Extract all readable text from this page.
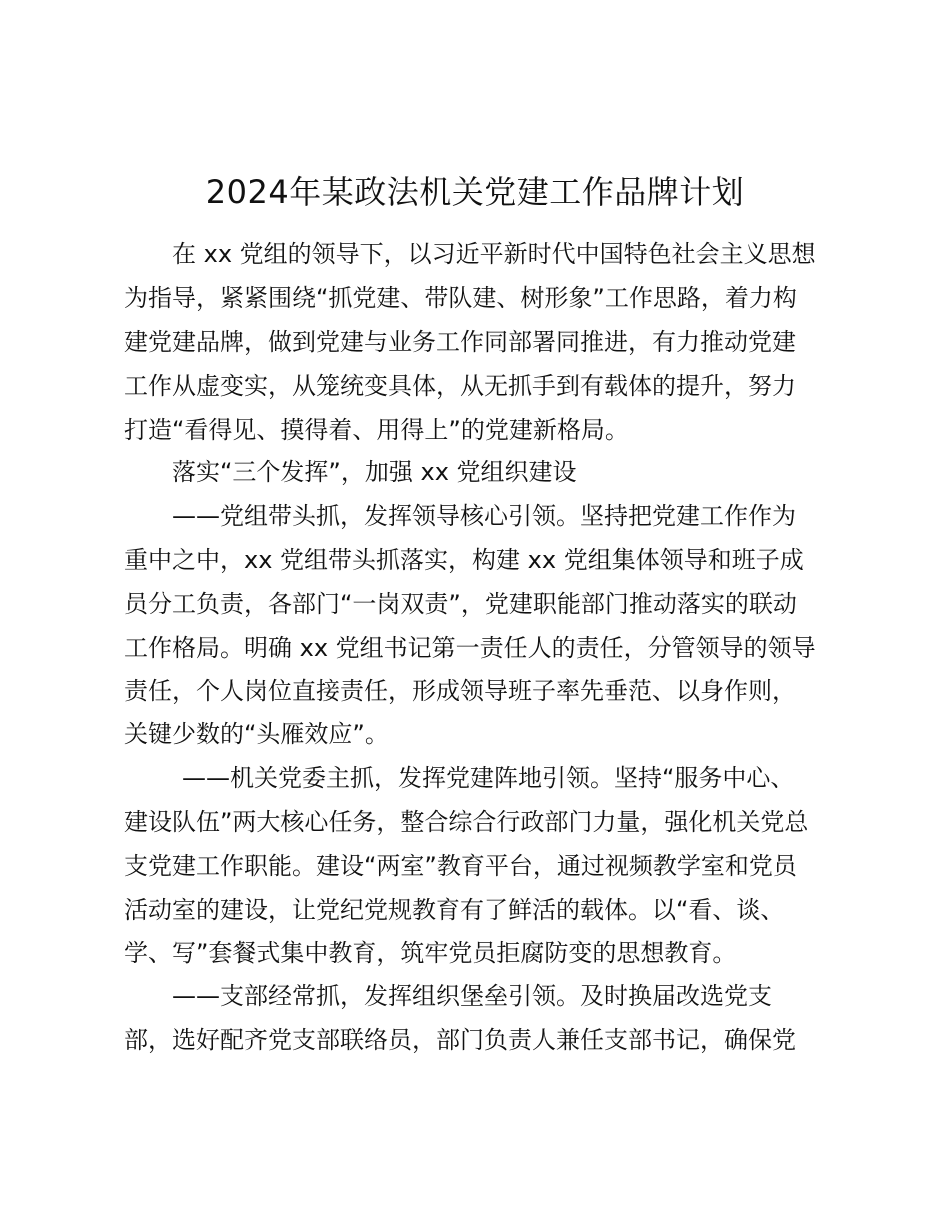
2024年某政法机关党建工作品牌计划
在 xx 党组的领导下，以习近平新时代中国特色社会主义思想
为指导，紧紧围绕“抓党建、带队建、树形象”工作思路，着力构
建党建品牌，做到党建与业务工作同部署同推进，有力推动党建
工作从虚变实，从笼统变具体，从无抓手到有载体的提升，努力
打造“看得见、摸得着、用得上”的党建新格局。
落实“三个发挥”，加强 xx 党组织建设
——党组带头抓，发挥领导核心引领。坚持把党建工作作为
重中之中，xx 党组带头抓落实，构建 xx 党组集体领导和班子成
员分工负责，各部门“一岗双责”，党建职能部门推动落实的联动
工作格局。明确 xx 党组书记第一责任人的责任，分管领导的领导
责任，个人岗位直接责任，形成领导班子率先垂范、以身作则，
关键少数的“头雁效应”。
——机关党委主抓，发挥党建阵地引领。坚持“服务中心、
建设队伍”两大核心任务，整合综合行政部门力量，强化机关党总
支党建工作职能。建设“两室”教育平台，通过视频教学室和党员
活动室的建设，让党纪党规教育有了鲜活的载体。以“看、谈、
学、写”套餐式集中教育，筑牢党员拒腐防变的思想教育。
——支部经常抓，发挥组织堡垒引领。及时换届改选党支
部，选好配齐党支部联络员，部门负责人兼任支部书记，确保党
